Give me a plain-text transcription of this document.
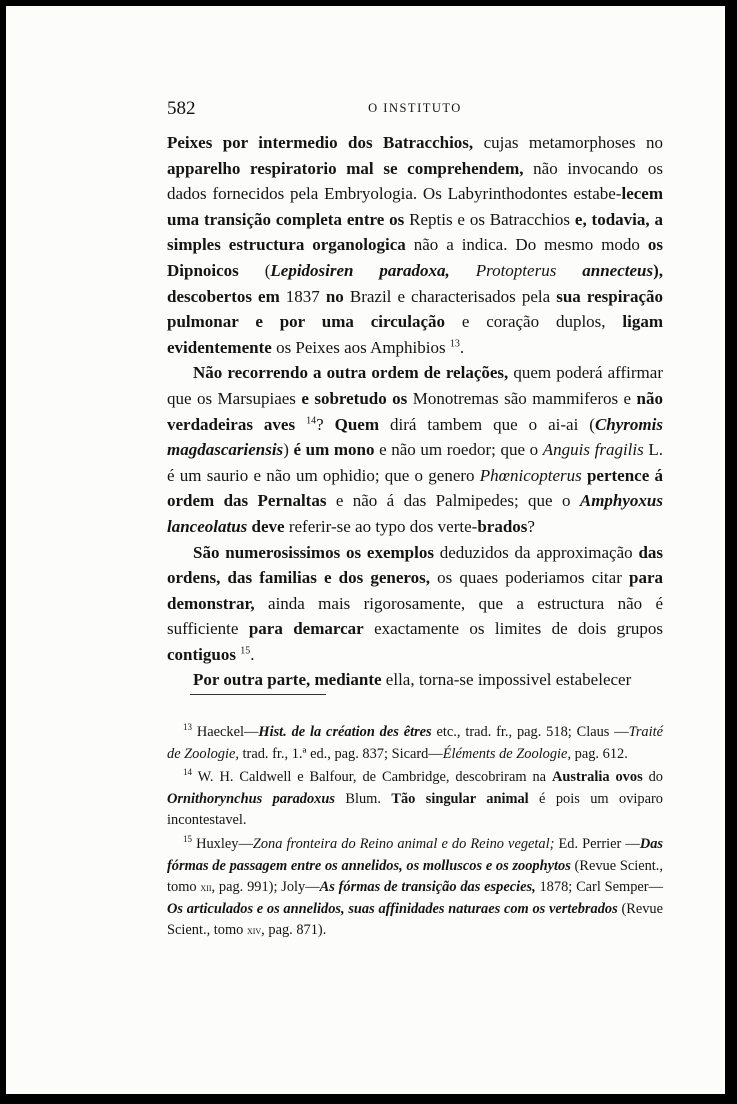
582	O INSTITUTO

Peixes por intermedio dos Batracchios, cujas metamorphoses no apparelho respiratorio mal se comprehendem, não invocando os dados fornecidos pela Embryologia. Os Labyrinthodontes estabe-lecem uma transição completa entre os Reptis e os Batracchios e, todavia, a simples estructura organologica não a indica. Do mesmo modo os Dipnoicos (Lepidosiren paradoxa, Protopterus annecteus), descobertos em 1837 no Brazil e characterisados pela sua respiração pulmonar e por uma circulação e coração duplos, ligam evidentemente os Peixes aos Amphibios $^{13}$.

Não recorrendo a outra ordem de relações, quem poderá affirmar que os Marsupiaes e sobretudo os Monotremas são mammiferos e não verdadeiras aves $^{14}$? Quem dirá tambem que o ai-ai (Chyromis magdascariensis) é um mono e não um roedor; que o Anguis fragilis L. é um saurio e não um ophidio; que o genero Phœnicopterus pertence á ordem das Pernaltas e não á das Palmipedes; que o Amphyoxus lanceolatus deve referir-se ao typo dos verte-brados?

São numerosissimos os exemplos deduzidos da approximação das ordens, das familias e dos generos, os quaes poderiamos citar para demonstrar, ainda mais rigorosamente, que a estructura não é sufficiente para demarcar exactamente os limites de dois grupos contiguos $^{15}$.

Por outra parte, mediante ella, torna-se impossivel estabelecer

$^{13}$ Haeckel—Hist. de la création des êtres etc., trad. fr., pag. 518; Claus —Traité de Zoologie, trad. fr., 1.ª ed., pag. 837; Sicard—Éléments de Zoologie, pag. 612.

$^{14}$ W. H. Caldwell e Balfour, de Cambridge, descobriram na Australia ovos do Ornithorynchus paradoxus Blum. Tão singular animal é pois um oviparo incontestavel.

$^{15}$ Huxley—Zona fronteira do Reino animal e do Reino vegetal; Ed. Perrier —Das fórmas de passagem entre os annelidos, os molluscos e os zoophytos (Revue Scient., tomo xii, pag. 991); Joly—As fórmas de transição das especies, 1878; Carl Semper—Os articulados e os annelidos, suas affinidades naturaes com os vertebrados (Revue Scient., tomo xiv, pag. 871).
